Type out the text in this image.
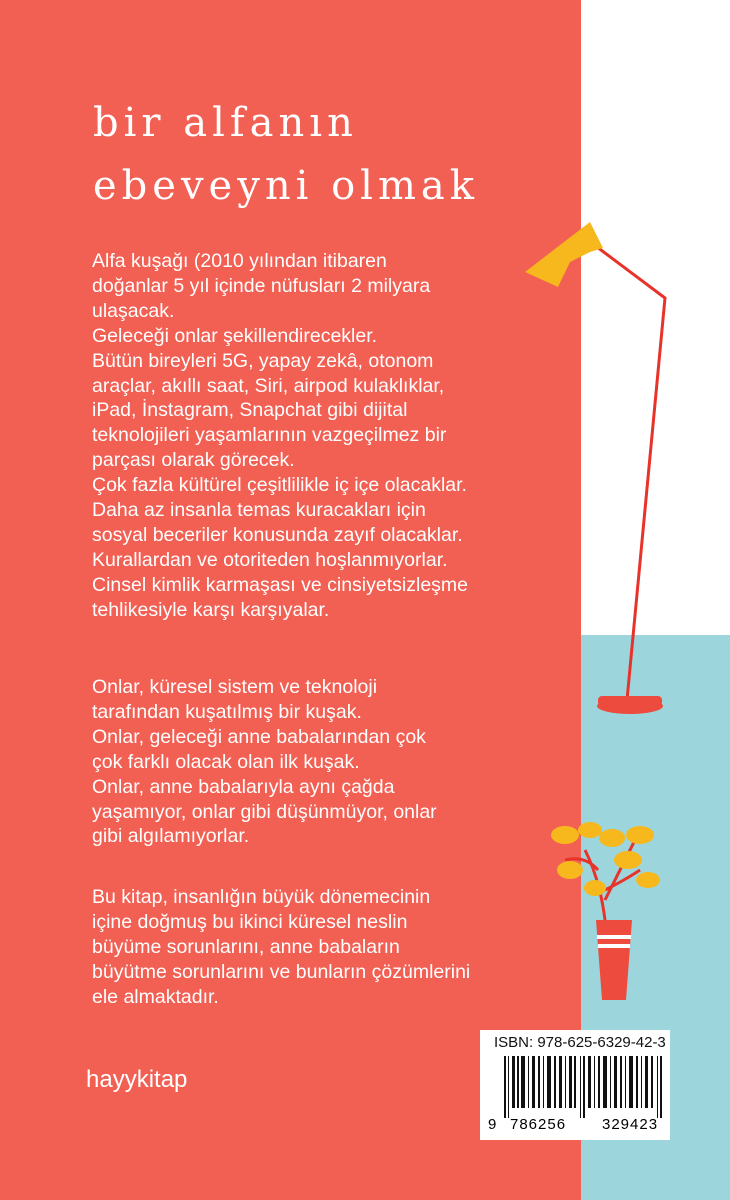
bir alfanın
ebeveyni olmak
Alfa kuşağı (2010 yılından itibaren
doğanlar 5 yıl içinde nüfusları 2 milyara
ulaşacak.
Geleceği onlar şekillendirecekler.
Bütün bireyleri 5G, yapay zekâ, otonom
araçlar, akıllı saat, Siri, airpod kulaklıklar,
iPad, İnstagram, Snapchat gibi dijital
teknolojileri yaşamlarının vazgeçilmez bir
parçası olarak görecek.
Çok fazla kültürel çeşitlilikle iç içe olacaklar.
Daha az insanla temas kuracakları için
sosyal beceriler konusunda zayıf olacaklar.
Kurallardan ve otoriteden hoşlanmıyorlar.
Cinsel kimlik karmaşası ve cinsiyetsizleşme
tehlikesiyle karşı karşıyalar.
Onlar, küresel sistem ve teknoloji
tarafından kuşatılmış bir kuşak.
Onlar, geleceği anne babalarından çok
çok farklı olacak olan ilk kuşak.
Onlar, anne babalarıyla aynı çağda
yaşamıyor, onlar gibi düşünmüyor, onlar
gibi algılamıyorlar.
Bu kitap, insanlığın büyük dönemecinin
içine doğmuş bu ikinci küresel neslin
büyüme sorunlarını, anne babaların
büyütme sorunlarını ve bunların çözümlerini
ele almaktadır.
hayykitap
ISBN: 978-625-6329-42-3
9 786256 329423
